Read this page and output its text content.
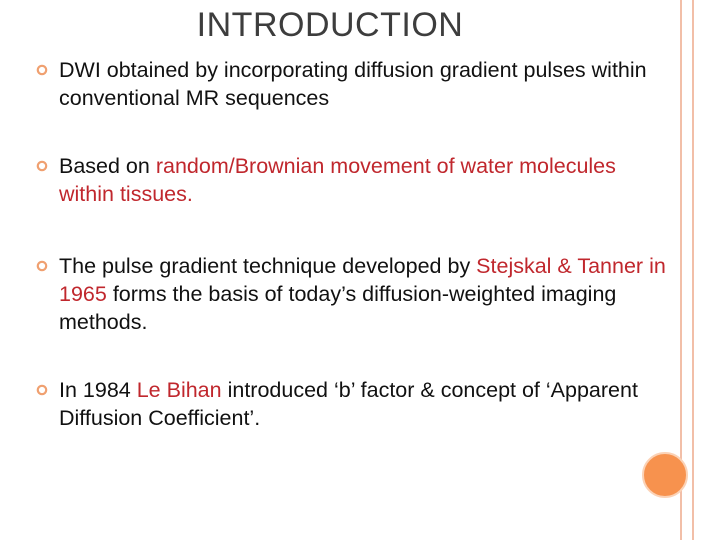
INTRODUCTION
DWI obtained by incorporating diffusion gradient pulses within conventional MR sequences
Based on random/Brownian movement of water molecules within tissues.
The pulse gradient technique developed by Stejskal & Tanner in 1965 forms the basis of today’s diffusion-weighted imaging methods.
In 1984 Le Bihan introduced ‘b’ factor & concept of ‘Apparent Diffusion Coefficient’.
